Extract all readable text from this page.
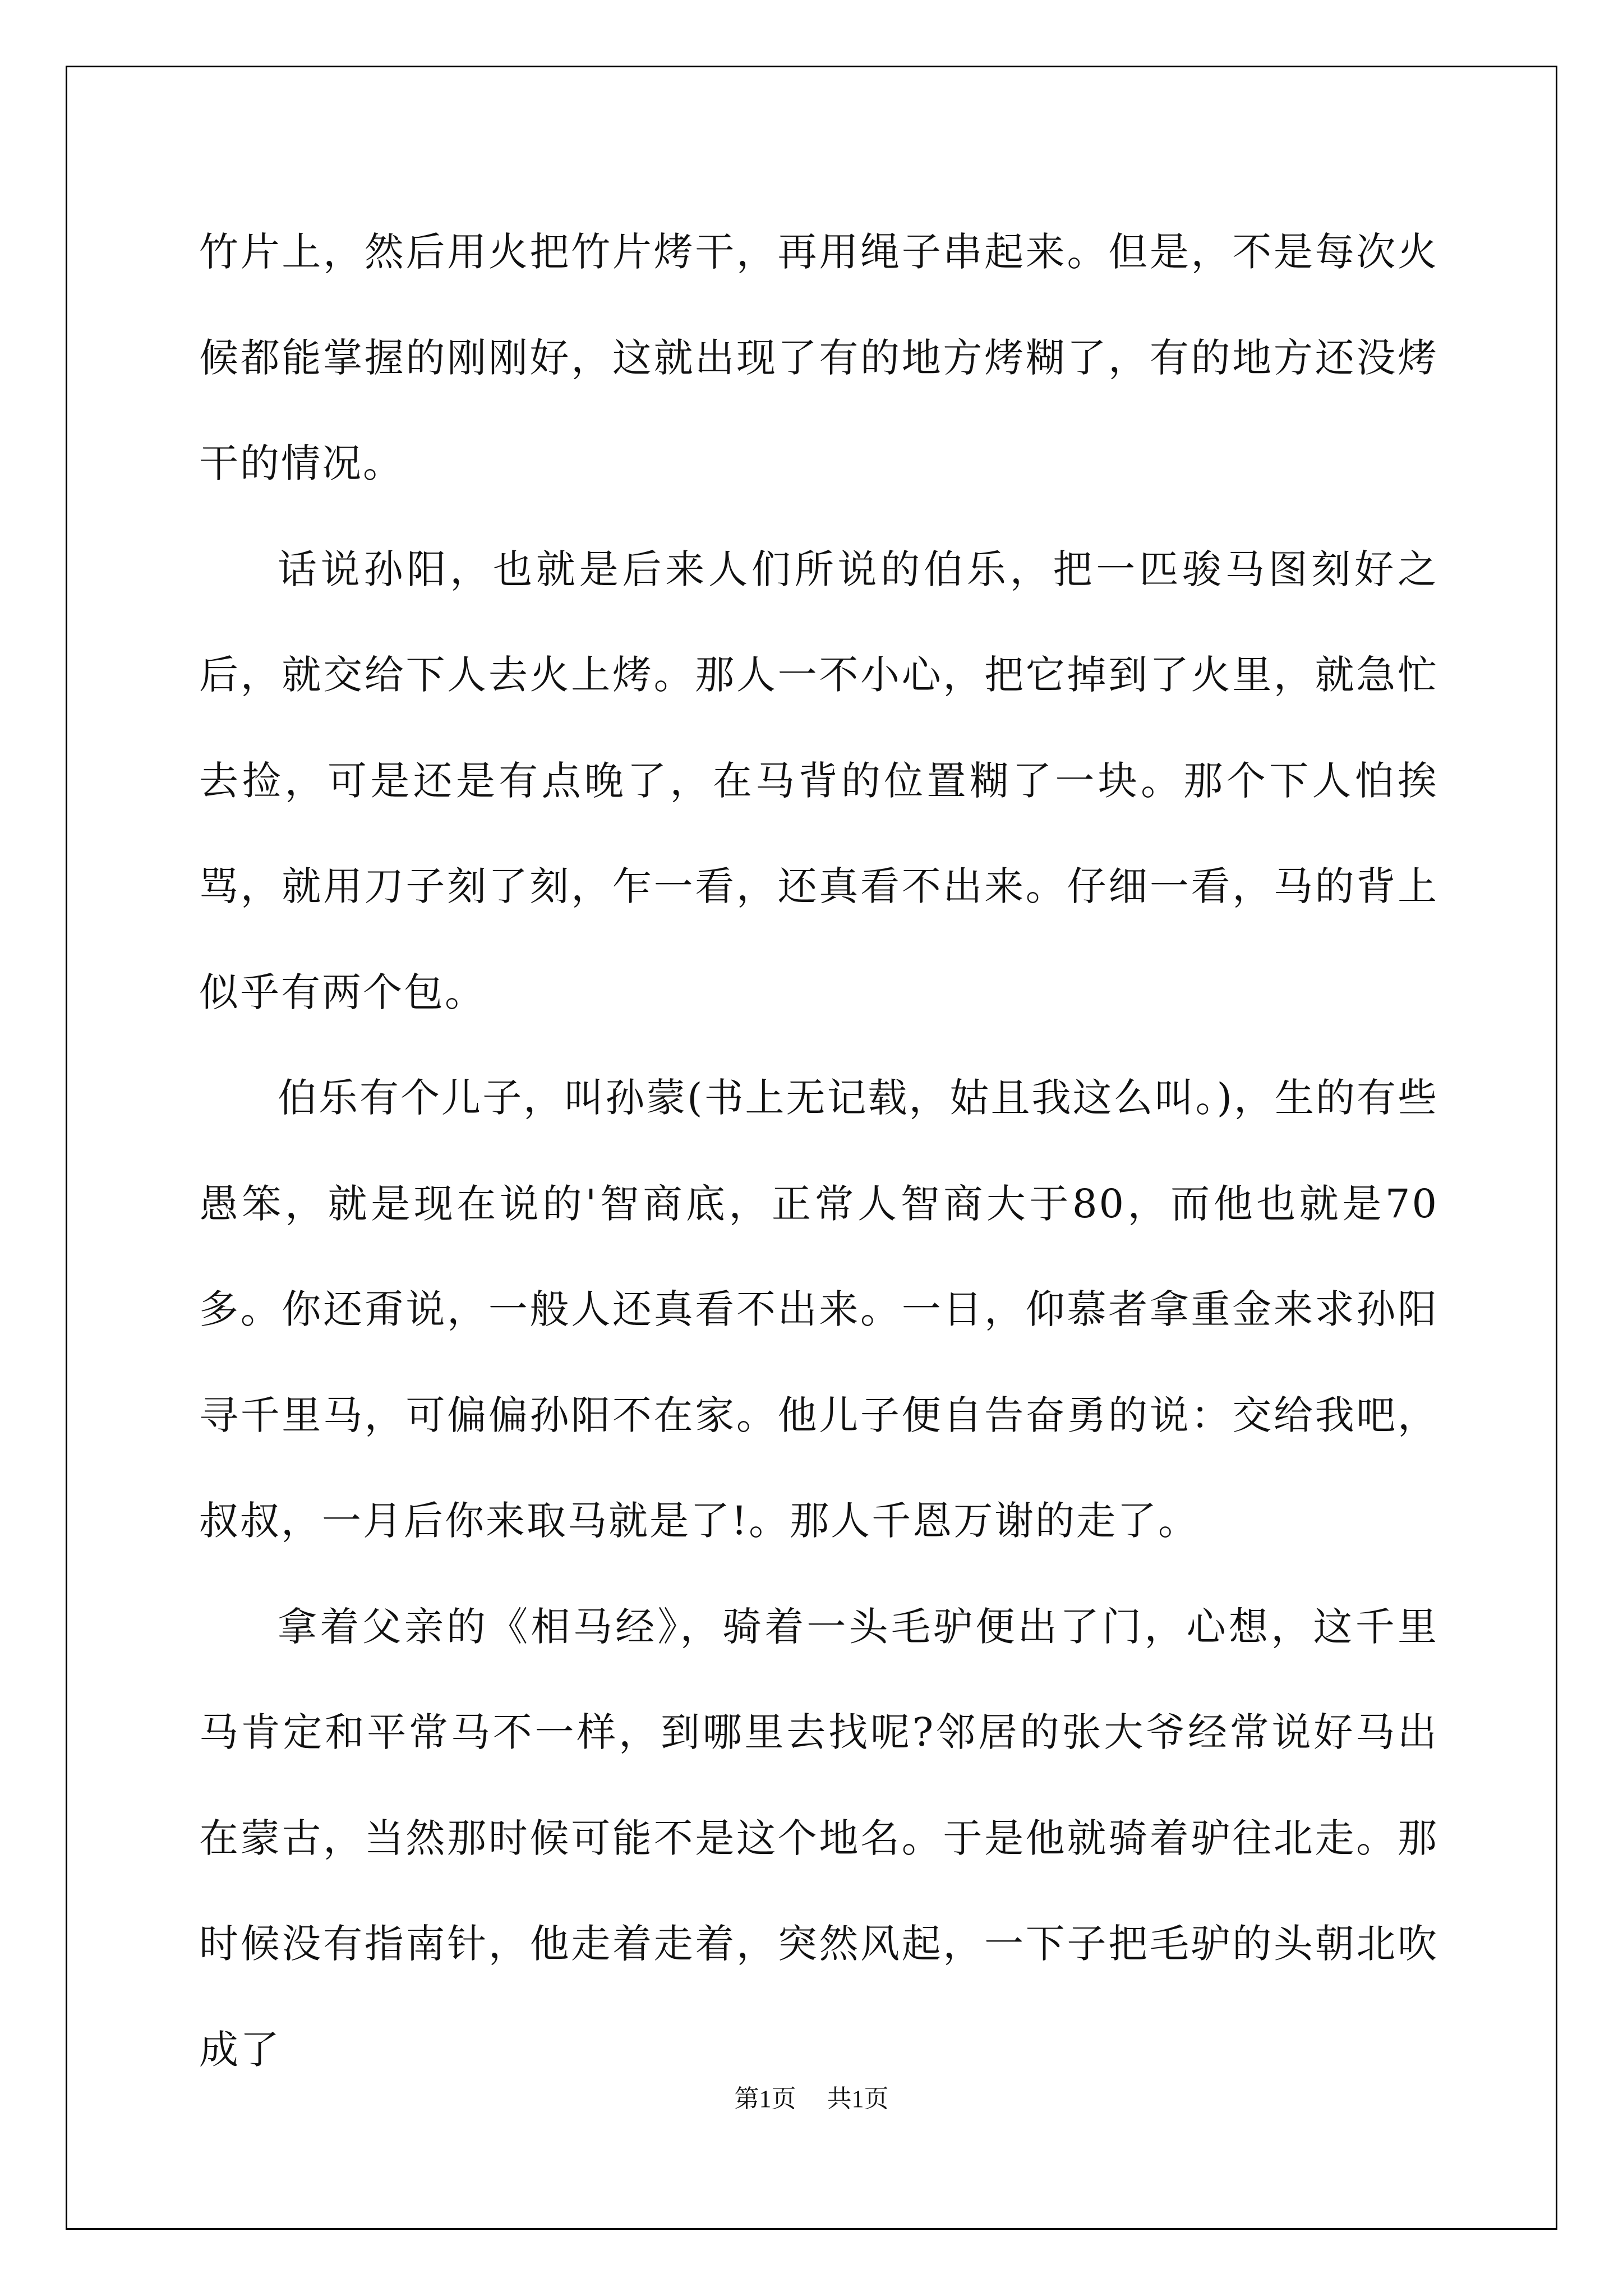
竹片上，然后用火把竹片烤干，再用绳子串起来。但是，不是每次火候都能掌握的刚刚好，这就出现了有的地方烤糊了，有的地方还没烤干的情况。

话说孙阳，也就是后来人们所说的伯乐，把一匹骏马图刻好之后，就交给下人去火上烤。那人一不小心，把它掉到了火里，就急忙去捡，可是还是有点晚了，在马背的位置糊了一块。那个下人怕挨骂，就用刀子刻了刻，乍一看，还真看不出来。仔细一看，马的背上似乎有两个包。

伯乐有个儿子，叫孙蒙(书上无记载，姑且我这么叫。)，生的有些愚笨，就是现在说的'智商底，正常人智商大于80，而他也就是70多。你还甭说，一般人还真看不出来。一日，仰慕者拿重金来求孙阳寻千里马，可偏偏孙阳不在家。他儿子便自告奋勇的说：交给我吧，叔叔，一月后你来取马就是了!。那人千恩万谢的走了。

拿着父亲的《相马经》，骑着一头毛驴便出了门，心想，这千里马肯定和平常马不一样，到哪里去找呢?邻居的张大爷经常说好马出在蒙古，当然那时候可能不是这个地名。于是他就骑着驴往北走。那时候没有指南针，他走着走着，突然风起，一下子把毛驴的头朝北吹成了

第1页 共1页
